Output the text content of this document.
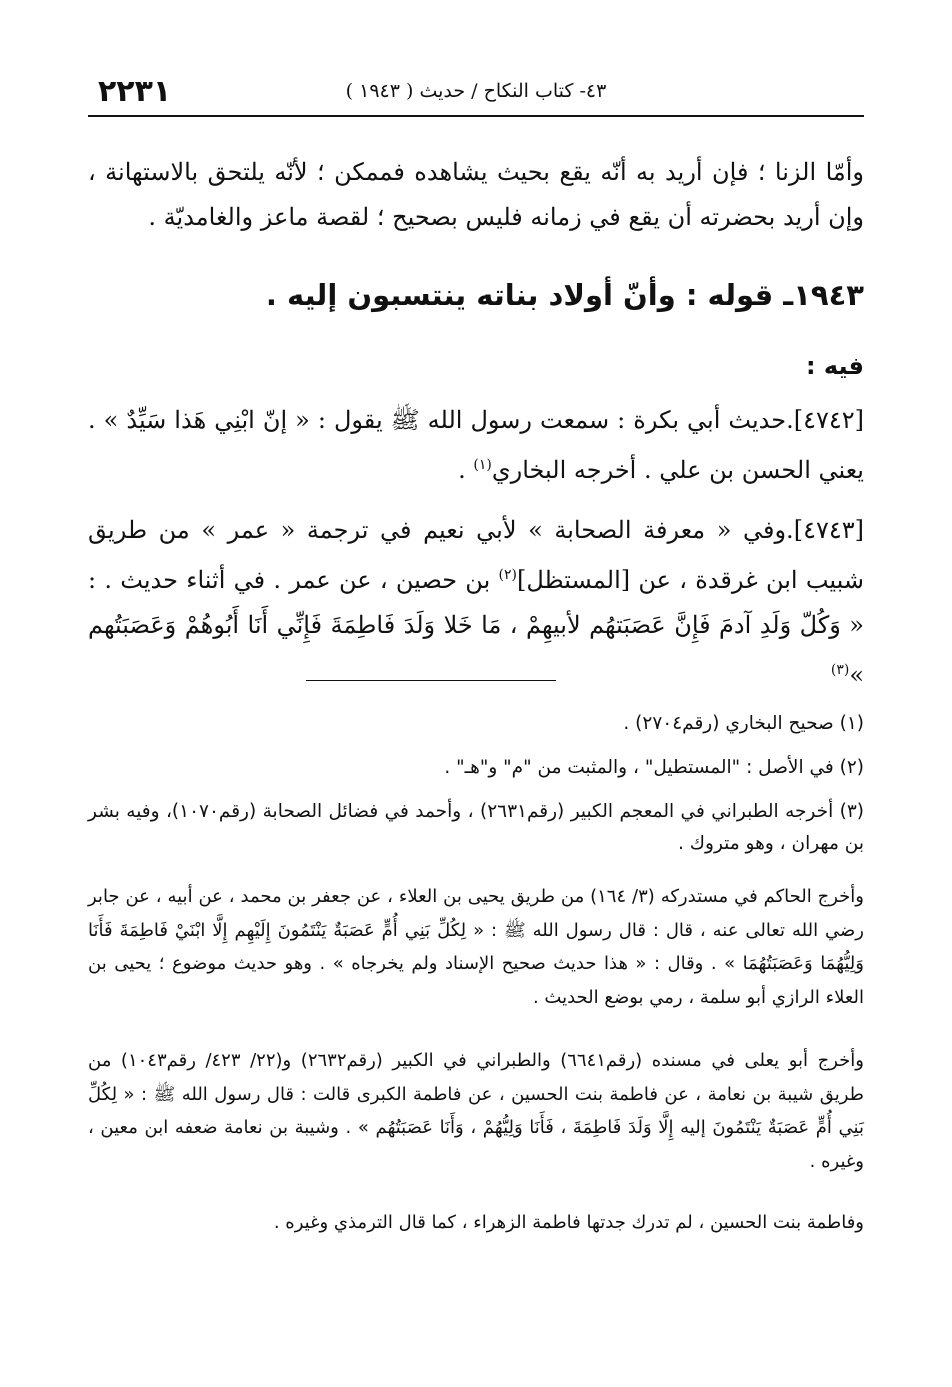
٢٢٣١	٤٣- كتاب النكاح / حديث ( ١٩٤٣ )
وأمّا الزنا ؛ فإن أريد به أنّه يقع بحيث يشاهده فممكن ؛ لأنّه يلتحق بالاستهانة ، وإن أريد بحضرته أن يقع في زمانه فليس بصحيح ؛ لقصة ماعز والغامديّة .
١٩٤٣ـ قوله : وأنّ أولاد بناته ينتسبون إليه .
فيه :
[٤٧٤٢].حديث أبي بكرة : سمعت رسول الله ﷺ يقول : « إنّ ابْنِي هَذا سَيِّدٌ » . يعني الحسن بن علي . أخرجه البخاري$^{(١)}$ .
[٤٧٤٣].وفي « معرفة الصحابة » لأبي نعيم في ترجمة « عمر » من طريق شبيب ابن غرقدة ، عن [المستظل]$^{(٢)}$ بن حصين ، عن عمر . في أثناء حديث . : « وَكُلّ وَلَدِ آدمَ فَإِنَّ عَصَبَتهُم لأبيهِمْ ، مَا خَلا وَلَدَ فَاطِمَةَ فَإِنِّي أَنَا أَبُوهُمْ وَعَصَبَتُهم »$^{(٣)}$
(١) صحيح البخاري (رقم٢٧٠٤) .
(٢) في الأصل : "المستطيل" ، والمثبت من "م" و"هـ" .
(٣) أخرجه الطبراني في المعجم الكبير (رقم٢٦٣١) ، وأحمد في فضائل الصحابة (رقم١٠٧٠)، وفيه بشر بن مهران ، وهو متروك .
وأخرج الحاكم في مستدركه (٣/ ١٦٤) من طريق يحيى بن العلاء ، عن جعفر بن محمد ، عن أبيه ، عن جابر رضي الله تعالى عنه ، قال : قال رسول الله ﷺ : « لِكُلِّ بَنِي أُمٍّ عَصَبَةٌ يَنْتَمُونَ إِلَيْهِم إِلَّا ابْنَيْ فَاطِمَةَ فَأَنَا وَلِيُّهُمَا وَعَصَبَتُهُمَا » . وقال : « هذا حديث صحيح الإسناد ولم يخرجاه » . وهو حديث موضوع ؛ يحيى بن العلاء الرازي أبو سلمة ، رمي بوضع الحديث .
وأخرج أبو يعلى في مسنده (رقم٦٦٤١) والطبراني في الكبير (رقم٢٦٣٢) و(٢٢/ ٤٢٣/ رقم١٠٤٣) من طريق شيبة بن نعامة ، عن فاطمة بنت الحسين ، عن فاطمة الكبرى قالت : قال رسول الله ﷺ : « لِكُلِّ بَنِي أُمٍّ عَصَبَةٌ يَنْتَمُونَ إليه إِلَّا وَلَدَ فَاطِمَةَ ، فَأَنَا وَلِيُّهُمْ ، وَأَنَا عَصَبَتُهُم » . وشيبة بن نعامة ضعفه ابن معين ، وغيره .
وفاطمة بنت الحسين ، لم تدرك جدتها فاطمة الزهراء ، كما قال الترمذي وغيره .
